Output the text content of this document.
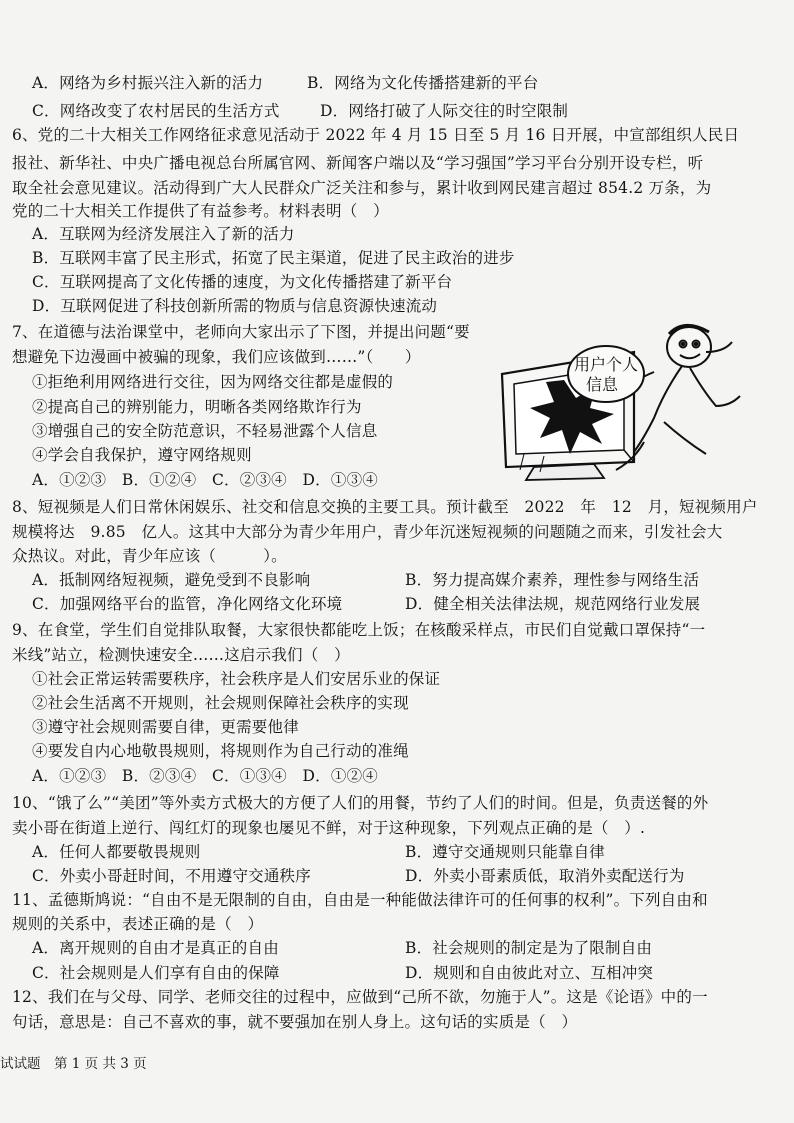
A．网络为乡村振兴注入新的活力	B．网络为文化传播搭建新的平台
C．网络改变了农村居民的生活方式	D．网络打破了人际交往的时空限制
6、党的二十大相关工作网络征求意见活动于 2022 年 4 月 15 日至 5 月 16 日开展，中宣部组织人民日
报社、新华社、中央广播电视总台所属官网、新闻客户端以及“学习强国”学习平台分别开设专栏，听
取全社会意见建议。活动得到广大人民群众广泛关注和参与，累计收到网民建言超过 854.2 万条，为
党的二十大相关工作提供了有益参考。材料表明（　）
A．互联网为经济发展注入了新的活力
B．互联网丰富了民主形式，拓宽了民主渠道，促进了民主政治的进步
C．互联网提高了文化传播的速度，为文化传播搭建了新平台
D．互联网促进了科技创新所需的物质与信息资源快速流动
7、在道德与法治课堂中，老师向大家出示了下图，并提出问题“要
想避免下边漫画中被骗的现象，我们应该做到……”（　　）
①拒绝利用网络进行交往，因为网络交往都是虚假的
②提高自己的辨别能力，明晰各类网络欺诈行为
③增强自己的安全防范意识，不轻易泄露个人信息
④学会自我保护，遵守网络规则
A．①②③　B．①②④　C．②③④　D．①③④
用户个人
信息
8、短视频是人们日常休闲娱乐、社交和信息交换的主要工具。预计截至　2022　年　12　月，短视频用户
规模将达　9.85　亿人。这其中大部分为青少年用户，青少年沉迷短视频的问题随之而来，引发社会大
众热议。对此，青少年应该（　　　）。
A．抵制网络短视频，避免受到不良影响	B．努力提高媒介素养，理性参与网络生活
C．加强网络平台的监管，净化网络文化环境	D．健全相关法律法规，规范网络行业发展
9、在食堂，学生们自觉排队取餐，大家很快都能吃上饭；在核酸采样点，市民们自觉戴口罩保持“一
米线”站立，检测快速安全……这启示我们（　）
①社会正常运转需要秩序，社会秩序是人们安居乐业的保证
②社会生活离不开规则，社会规则保障社会秩序的实现
③遵守社会规则需要自律，更需要他律
④要发自内心地敬畏规则，将规则作为自己行动的准绳
A．①②③　B．②③④　C．①③④　D．①②④
10、“饿了么”“美团”等外卖方式极大的方便了人们的用餐，节约了人们的时间。但是，负责送餐的外
卖小哥在街道上逆行、闯红灯的现象也屡见不鲜，对于这种现象，下列观点正确的是（　）.
A．任何人都要敬畏规则	B．遵守交通规则只能靠自律
C．外卖小哥赶时间，不用遵守交通秩序	D．外卖小哥素质低，取消外卖配送行为
11、孟德斯鸠说：“自由不是无限制的自由，自由是一种能做法律许可的任何事的权利”。下列自由和
规则的关系中，表述正确的是（　）
A．离开规则的自由才是真正的自由	B．社会规则的制定是为了限制自由
C．社会规则是人们享有自由的保障	D．规则和自由彼此对立、互相冲突
12、我们在与父母、同学、老师交往的过程中，应做到“己所不欲，勿施于人”。这是《论语》中的一
句话，意思是：自己不喜欢的事，就不要强加在别人身上。这句话的实质是（　）
试试题　第 1 页 共 3 页
